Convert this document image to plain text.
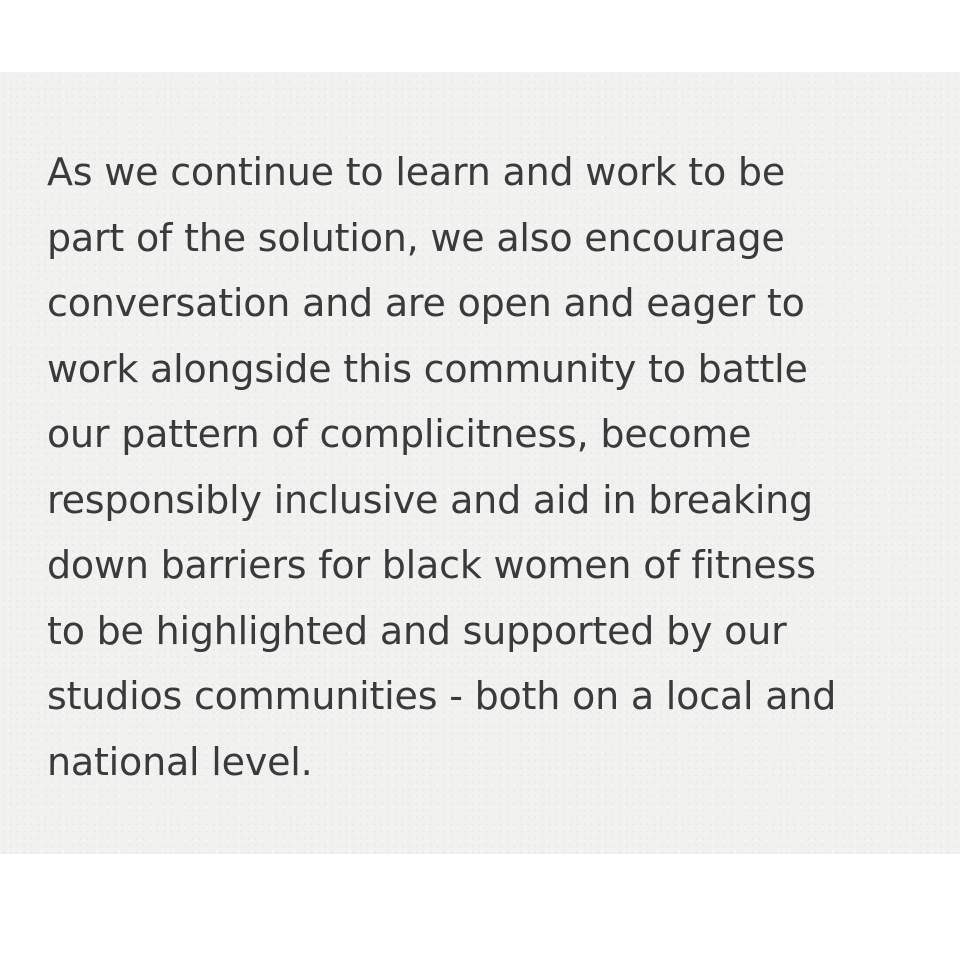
As we continue to learn and work to be
part of the solution, we also encourage
conversation and are open and eager to
work alongside this community to battle
our pattern of complicitness, become
responsibly inclusive and aid in breaking
down barriers for black women of fitness
to be highlighted and supported by our
studios communities - both on a local and
national level.
